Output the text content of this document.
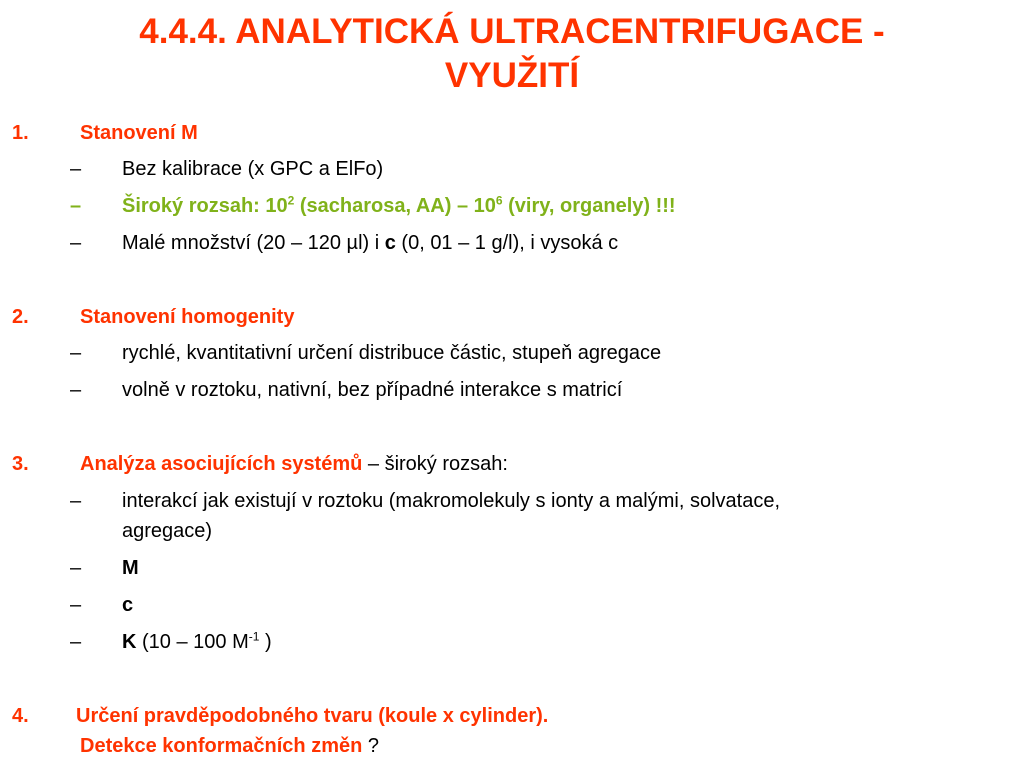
4.4.4. ANALYTICKÁ ULTRACENTRIFUGACE -
VYUŽITÍ
1.	Stanovení M
– Bez kalibrace (x GPC a ElFo)
– Široký rozsah: $10^2$ (sacharosa, $AA) - 10^6$ (viry, organely) !!!
– Malé množství (20 – 120 µl) i c (0, 01 – 1 g/l), i vysoká c
2.	Stanovení homogenity
– rychlé, kvantitativní určení distribuce částic, stupeň agregace
– volně v roztoku, nativní, bez případné interakce s matricí
3.	Analýza asociujících systémů – široký rozsah:
– interakcí jak existují v roztoku (makromolekuly s ionty a malými, solvatace,
agregace)
– M
– c
– K (10 – 100 $M^{-1}$ )
4. Určení pravděpodobného tvaru (koule x cylinder).
Detekce konformačních změn ?
